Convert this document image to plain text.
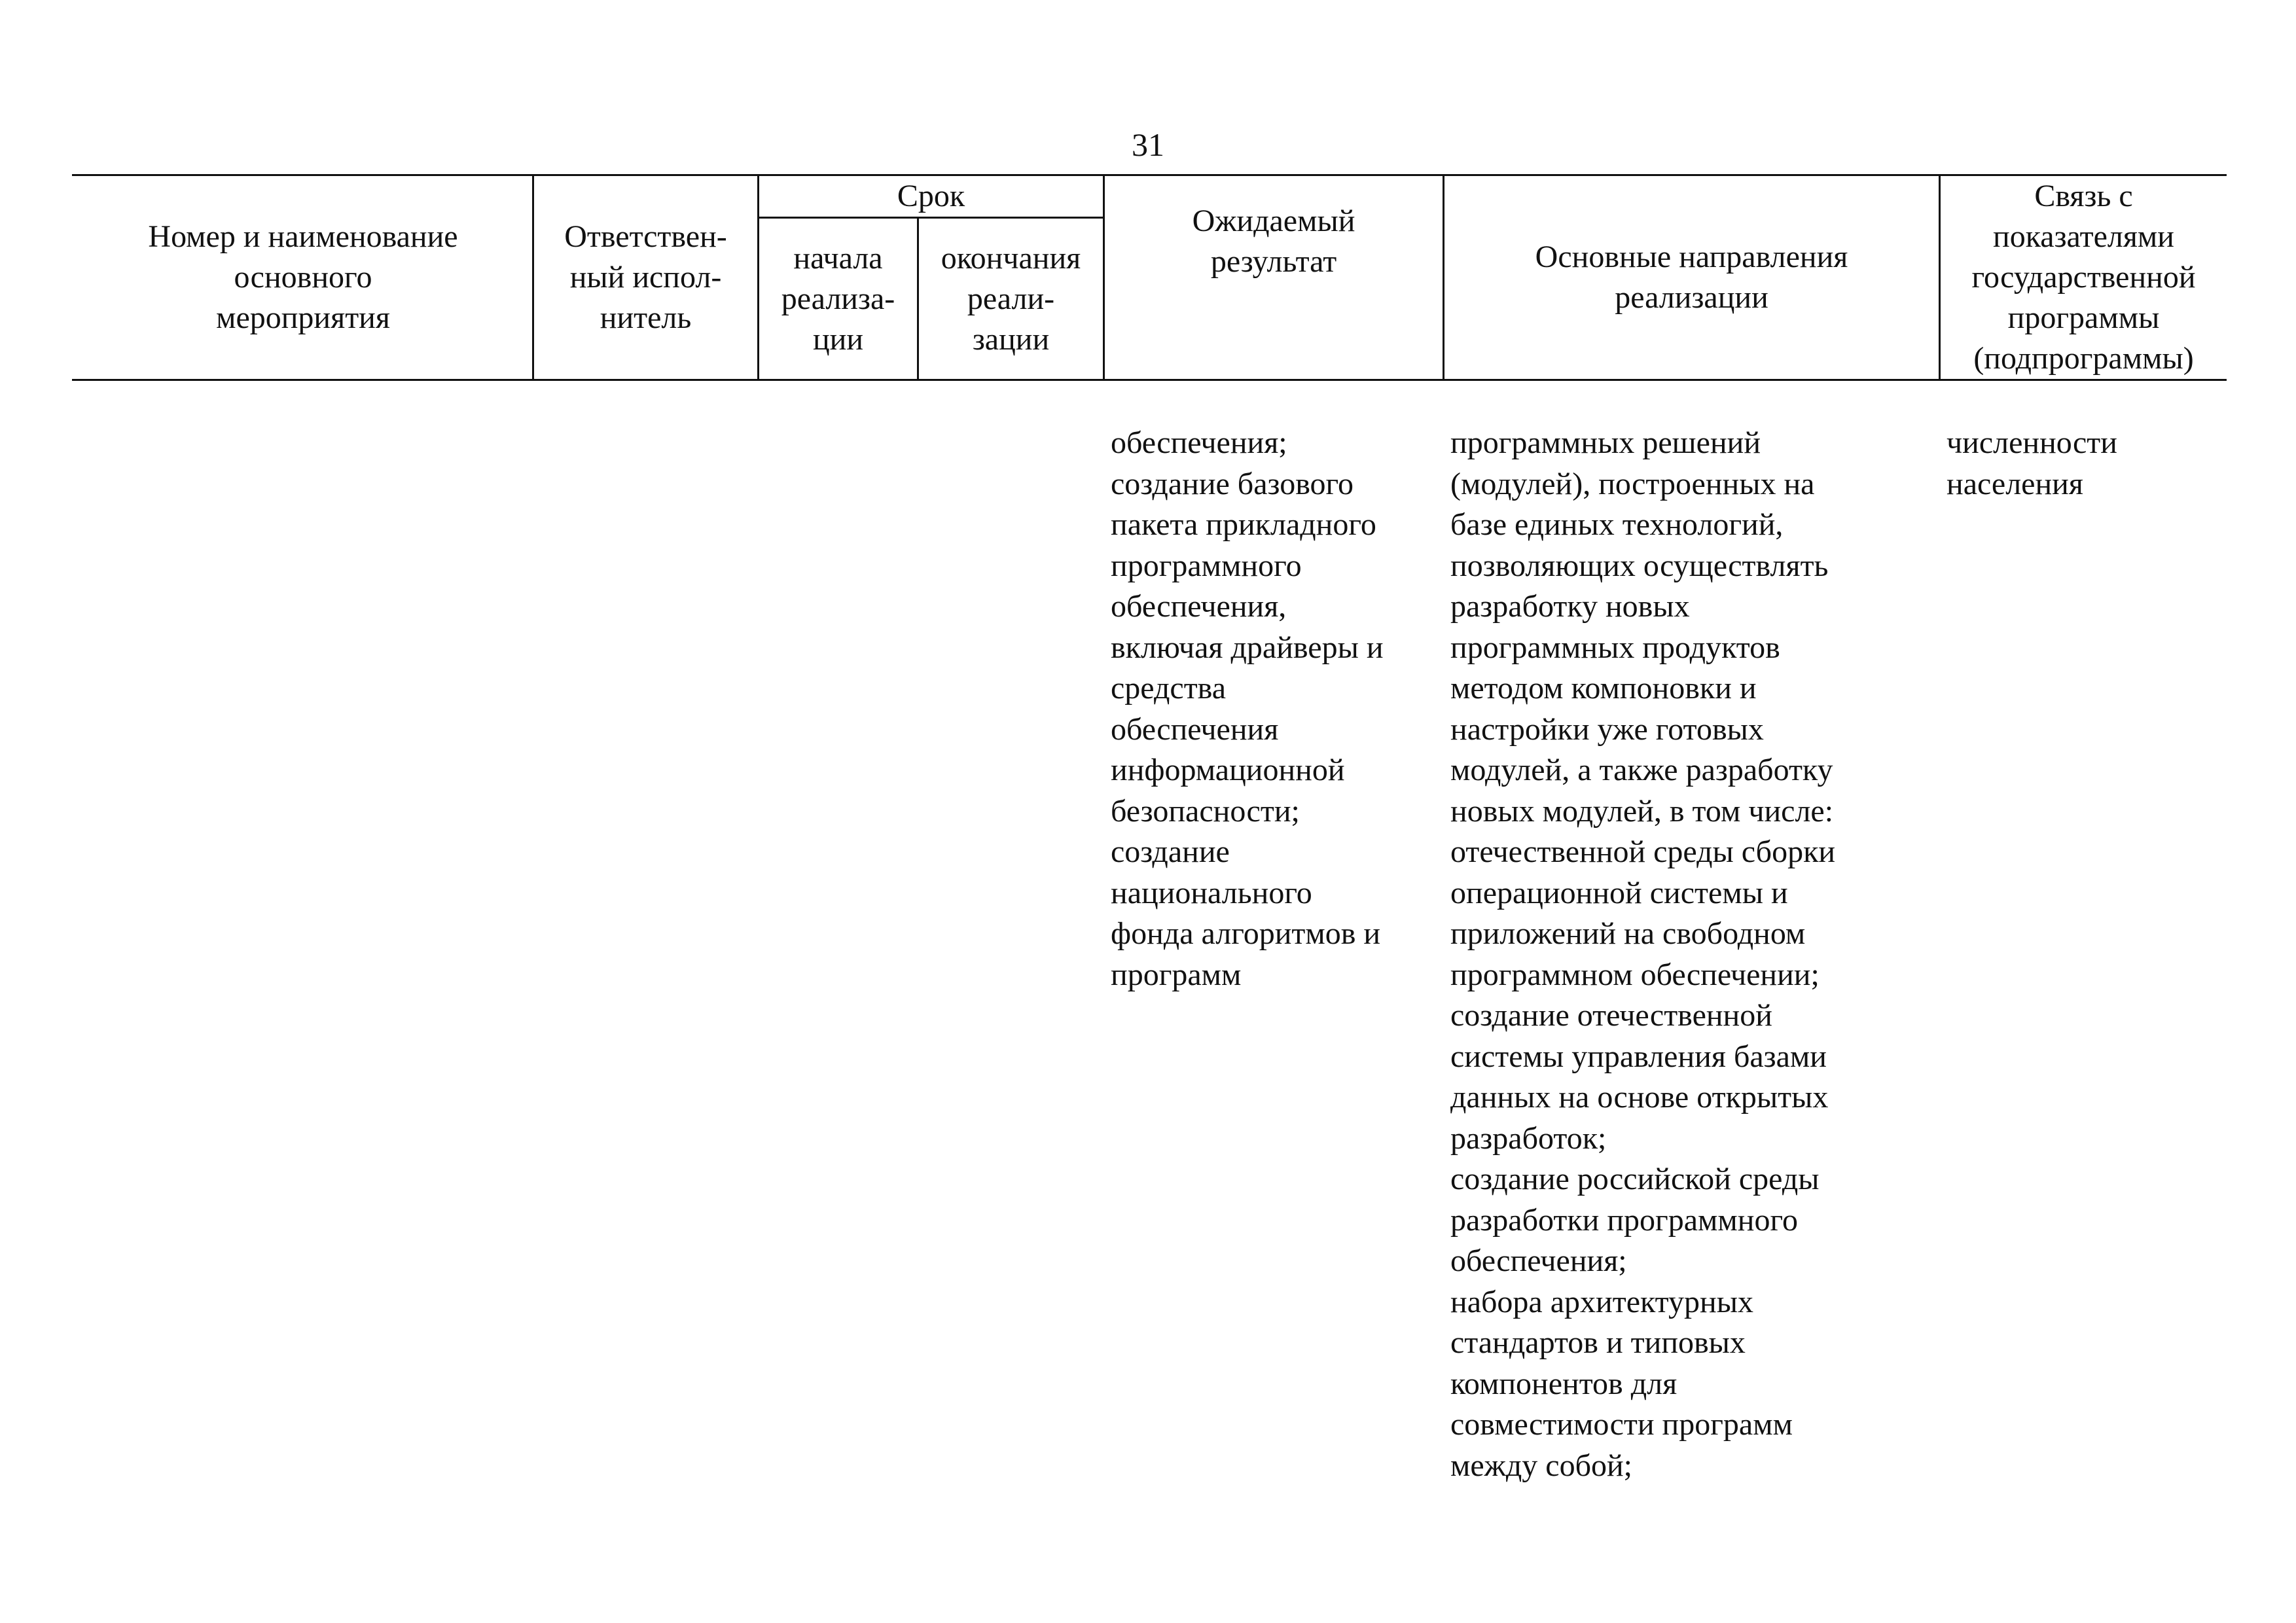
31
Номер и наименование
основного
мероприятия
Ответствен-
ный испол-
нитель
Срок
начала
реализа-
ции
окончания
реали-
зации
Ожидаемый
результат	Основные направления
реализации
Связь с
показателями
государственной
программы
(подпрограммы)

обеспечения;
создание базового
пакета прикладного
программного
обеспечения,
включая драйверы и
средства
обеспечения
информационной
безопасности;
создание
национального
фонда алгоритмов и
программ

программных решений
(модулей), построенных на
базе единых технологий,
позволяющих осуществлять
разработку новых
программных продуктов
методом компоновки и
настройки уже готовых
модулей, а также разработку
новых модулей, в том числе:
отечественной среды сборки
операционной системы и
приложений на свободном
программном обеспечении;
создание отечественной
системы управления базами
данных на основе открытых
разработок;
создание российской среды
разработки программного
обеспечения;
набора архитектурных
стандартов и типовых
компонентов для
совместимости программ
между собой;

численности
населения
